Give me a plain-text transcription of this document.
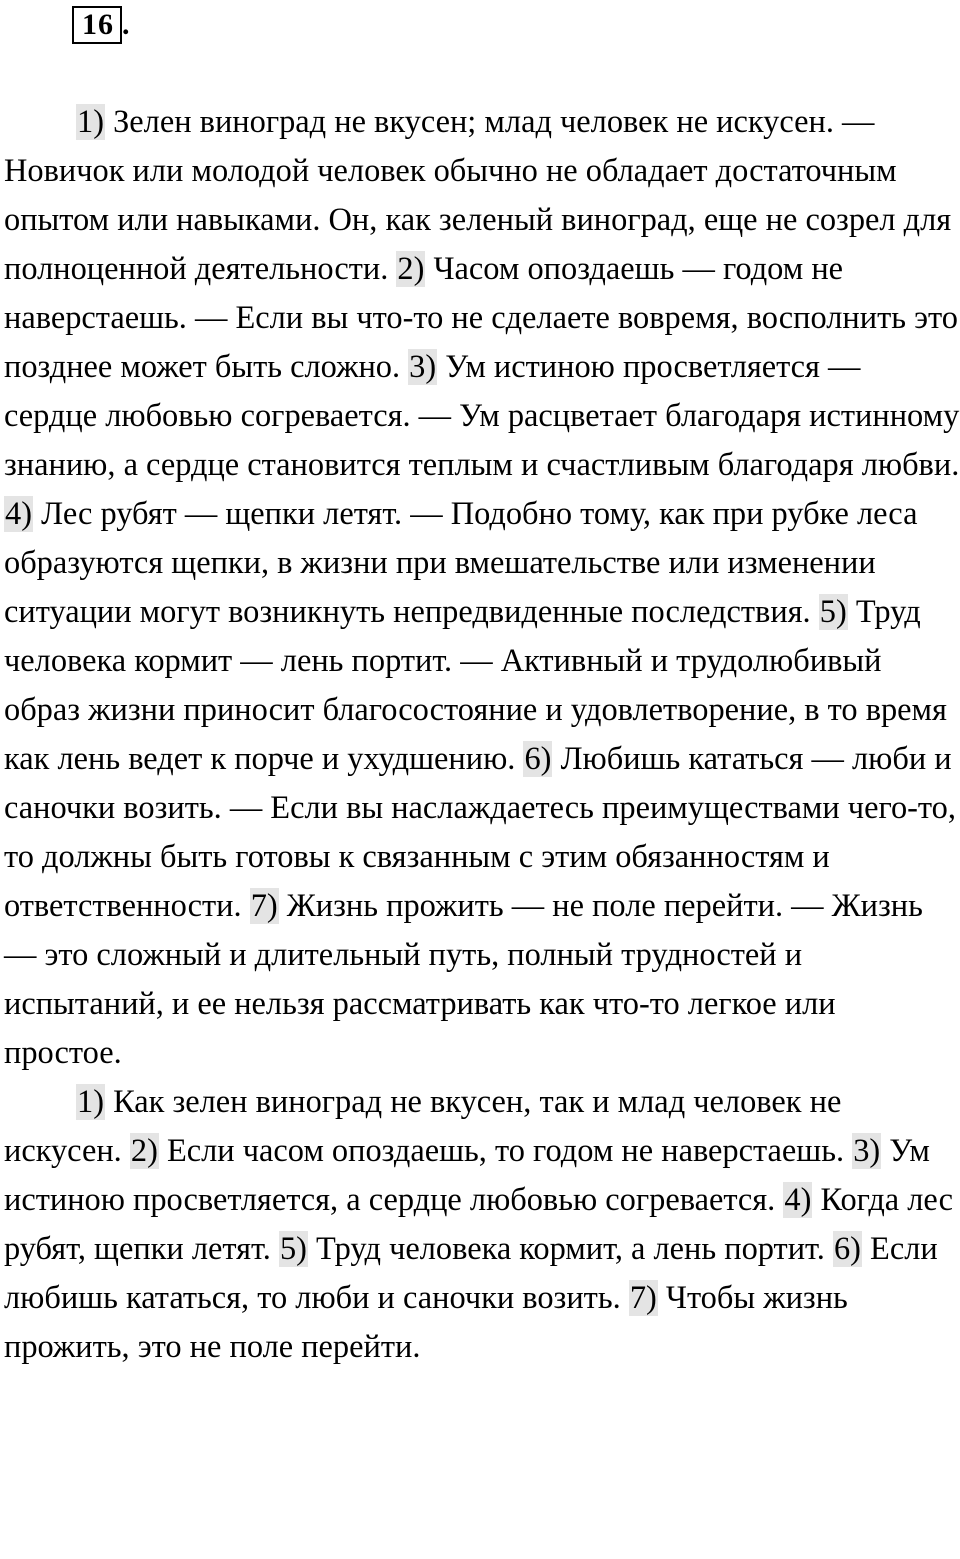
16 .

1) Зелен виноград не вкусен; млад человек не искусен. — Новичок или молодой человек обычно не обладает достаточным опытом или навыками. Он, как зеленый виноград, еще не созрел для полноценной деятельности. 2) Часом опоздаешь — годом не наверстаешь. — Если вы что-то не сделаете вовремя, восполнить это позднее может быть сложно. 3) Ум истиною просветляется — сердце любовью согревается. — Ум расцветает благодаря истинному знанию, а сердце становится теплым и счастливым благодаря любви. 4) Лес рубят — щепки летят. — Подобно тому, как при рубке леса образуются щепки, в жизни при вмешательстве или изменении ситуации могут возникнуть непредвиденные последствия. 5) Труд человека кормит — лень портит. — Активный и трудолюбивый образ жизни приносит благосостояние и удовлетворение, в то время как лень ведет к порче и ухудшению. 6) Любишь кататься — люби и саночки возить. — Если вы наслаждаетесь преимуществами чего-то, то должны быть готовы к связанным с этим обязанностям и ответственности. 7) Жизнь прожить — не поле перейти. — Жизнь — это сложный и длительный путь, полный трудностей и испытаний, и ее нельзя рассматривать как что-то легкое или простое.

1) Как зелен виноград не вкусен, так и млад человек не искусен. 2) Если часом опоздаешь, то годом не наверстаешь. 3) Ум истиною просветляется, а сердце любовью согревается. 4) Когда лес рубят, щепки летят. 5) Труд человека кормит, а лень портит. 6) Если любишь кататься, то люби и саночки возить. 7) Чтобы жизнь прожить, это не поле перейти.
